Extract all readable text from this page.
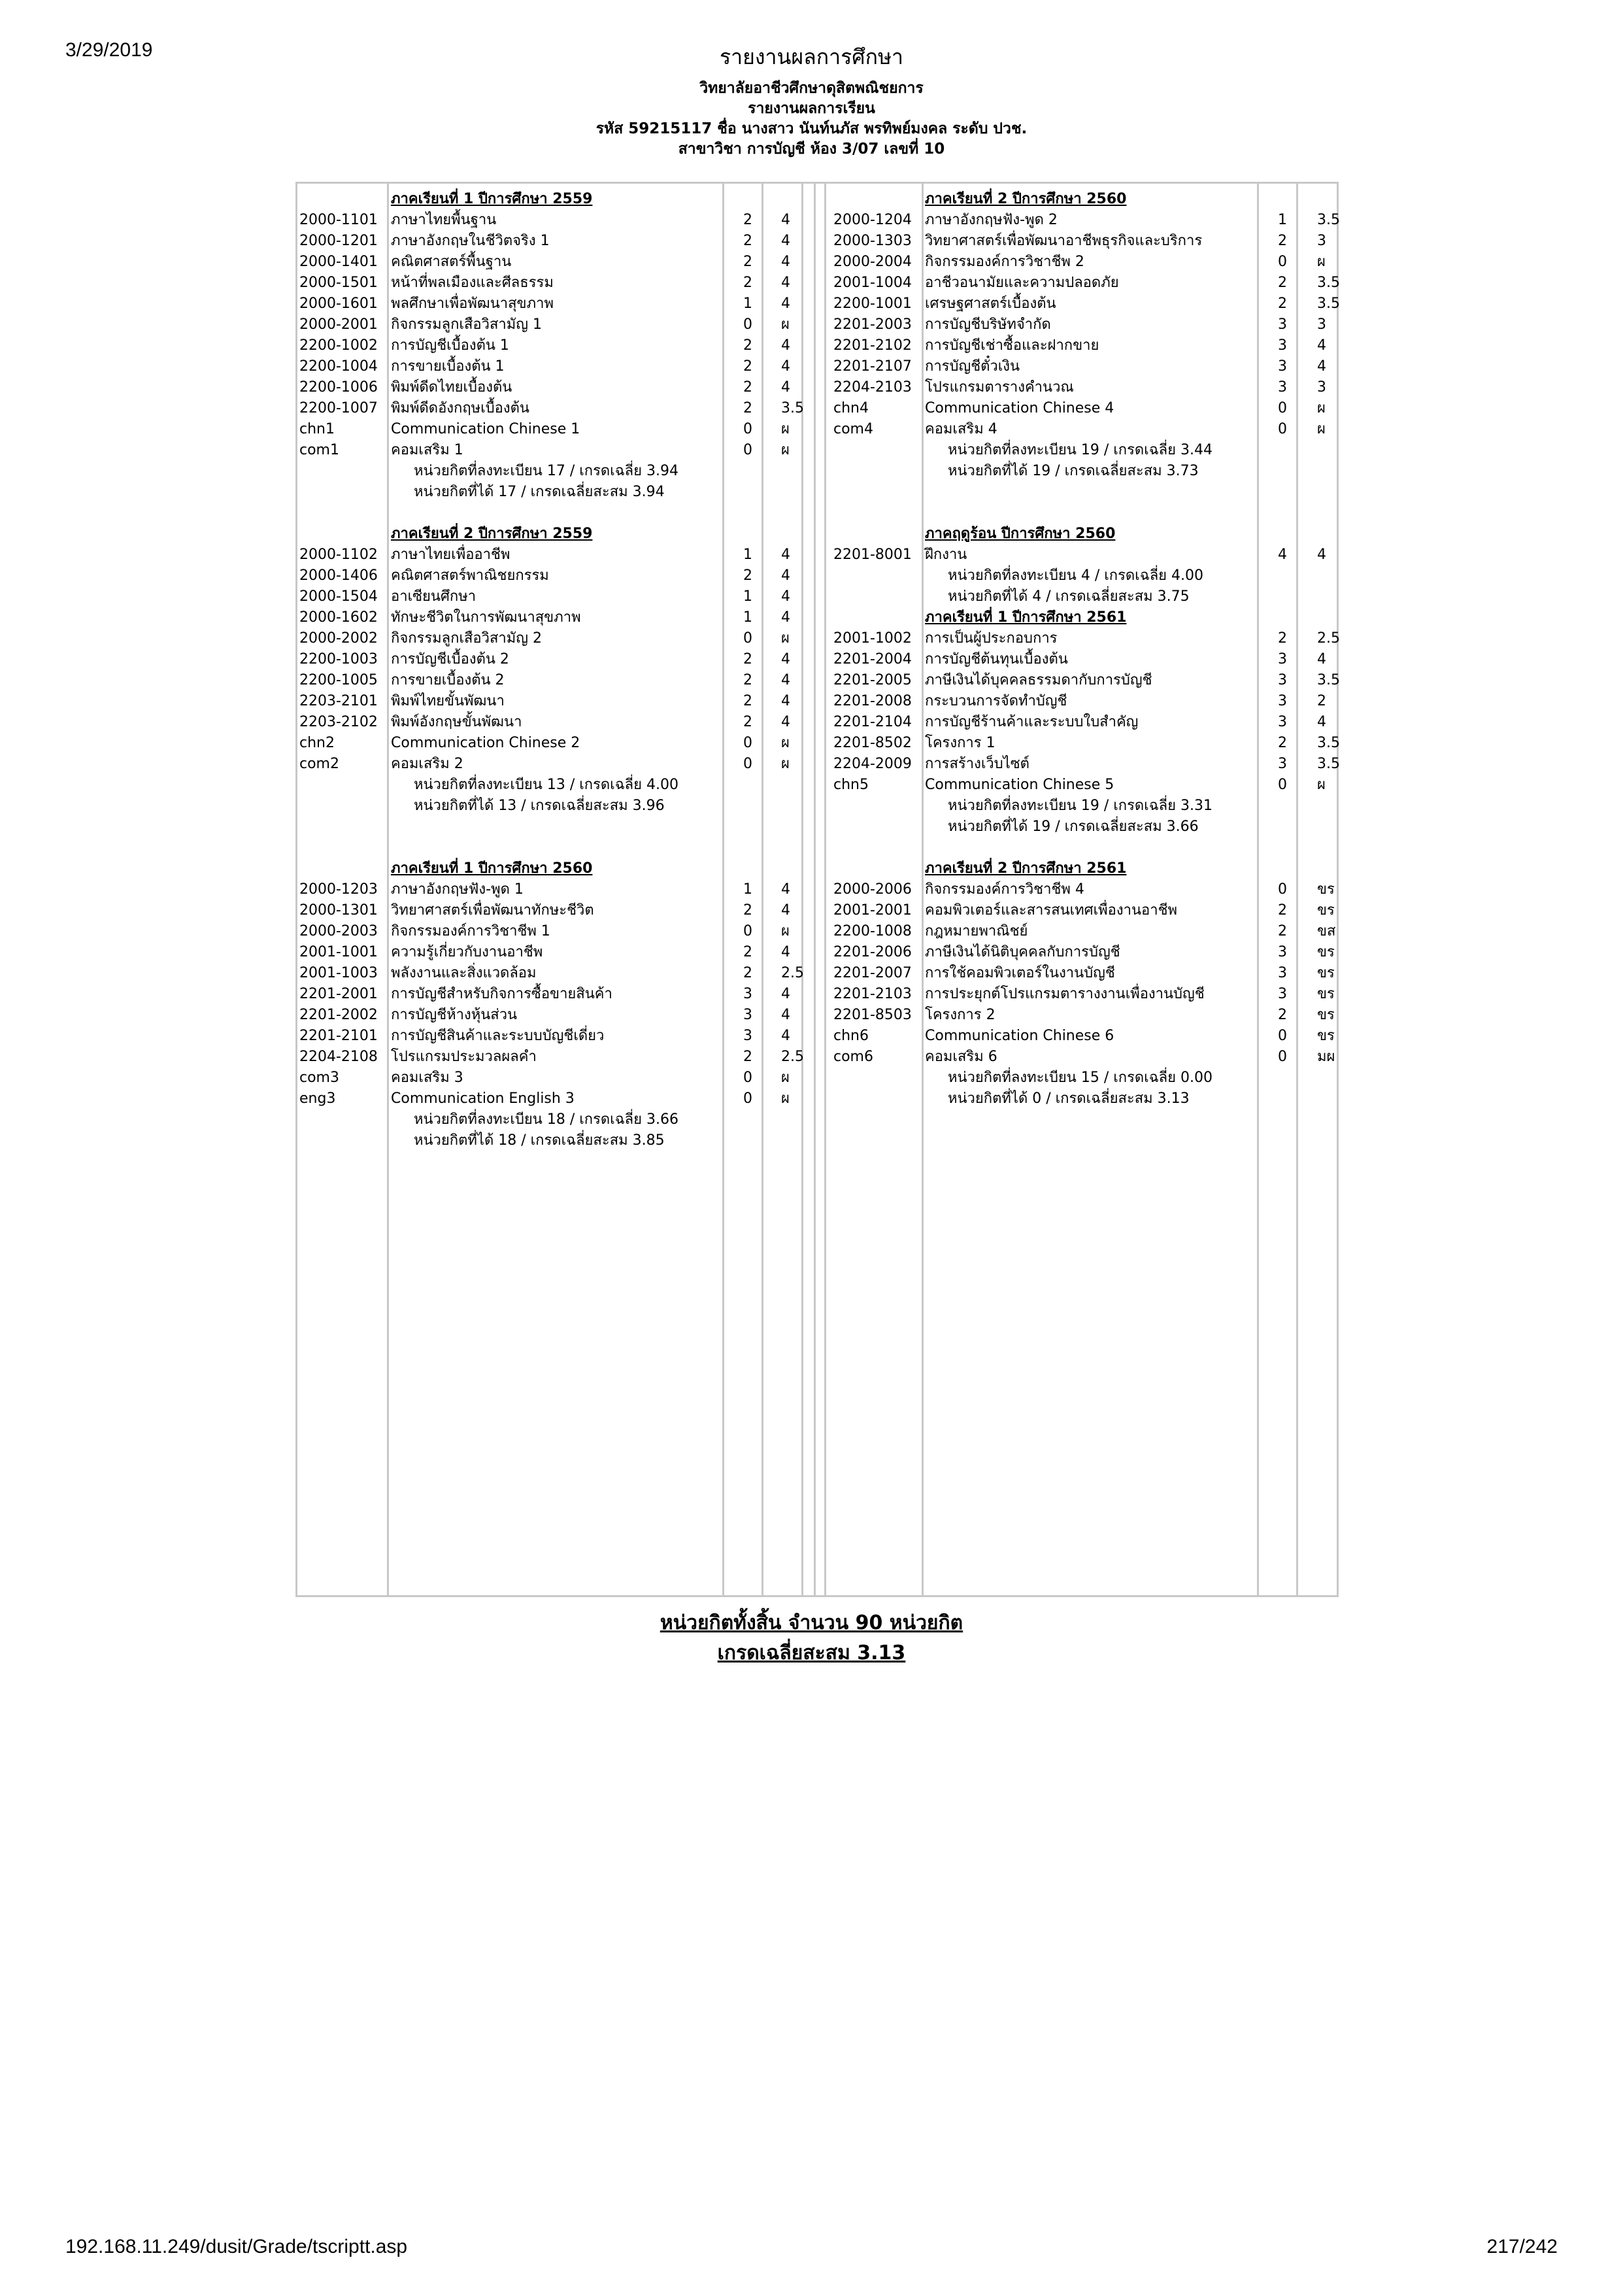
3/29/2019	รายงานผลการศึกษา
วิทยาลัยอาชีวศึกษาดุสิตพณิชยการ
รายงานผลการเรียน
รหัส 59215117 ชื่อ นางสาว นันท์นภัส พรทิพย์มงคล ระดับ ปวช.
สาขาวิชา การบัญชี ห้อง 3/07 เลขที่ 10
ภาคเรียนที่ 1 ปีการศึกษา 2559
2000-1101 ภาษาไทยพื้นฐาน	2 4
2000-1201 ภาษาอังกฤษในชีวิตจริง 1	2 4
2000-1401 คณิตศาสตร์พื้นฐาน	2 4
2000-1501 หน้าที่พลเมืองและศีลธรรม	2 4
2000-1601 พลศึกษาเพื่อพัฒนาสุขภาพ	1 4
2000-2001 กิจกรรมลูกเสือวิสามัญ 1	0 ผ
2200-1002 การบัญชีเบื้องต้น 1	2 4
2200-1004 การขายเบื้องต้น 1	2 4
2200-1006 พิมพ์ดีดไทยเบื้องต้น	2 4
2200-1007 พิมพ์ดีดอังกฤษเบื้องต้น	2 3.5
chn1	Communication Chinese 1	0 ผ
com1	คอมเสริม 1	0 ผ
หน่วยกิตที่ลงทะเบียน 17 / เกรดเฉลี่ย 3.94
หน่วยกิตที่ได้ 17 / เกรดเฉลี่ยสะสม 3.94
ภาคเรียนที่ 2 ปีการศึกษา 2559
2000-1102 ภาษาไทยเพื่ออาชีพ	1 4
2000-1406 คณิตศาสตร์พาณิชยกรรม	2 4
2000-1504 อาเซียนศึกษา	1 4
2000-1602 ทักษะชีวิตในการพัฒนาสุขภาพ	1 4
2000-2002 กิจกรรมลูกเสือวิสามัญ 2	0 ผ
2200-1003 การบัญชีเบื้องต้น 2	2 4
2200-1005 การขายเบื้องต้น 2	2 4
2203-2101 พิมพ์ไทยขั้นพัฒนา	2 4
2203-2102 พิมพ์อังกฤษขั้นพัฒนา	2 4
chn2	Communication Chinese 2	0 ผ
com2	คอมเสริม 2	0 ผ
หน่วยกิตที่ลงทะเบียน 13 / เกรดเฉลี่ย 4.00
หน่วยกิตที่ได้ 13 / เกรดเฉลี่ยสะสม 3.96
ภาคเรียนที่ 1 ปีการศึกษา 2560
2000-1203 ภาษาอังกฤษฟัง-พูด 1	1 4
2000-1301 วิทยาศาสตร์เพื่อพัฒนาทักษะชีวิต	2 4
2000-2003 กิจกรรมองค์การวิชาชีพ 1	0 ผ
2001-1001 ความรู้เกี่ยวกับงานอาชีพ	2 4
2001-1003 พลังงานและสิ่งแวดล้อม	2 2.5
2201-2001 การบัญชีสำหรับกิจการซื้อขายสินค้า	3 4
2201-2002 การบัญชีห้างหุ้นส่วน	3 4
2201-2101 การบัญชีสินค้าและระบบบัญชีเดี่ยว	3 4
2204-2108 โปรแกรมประมวลผลคำ	2 2.5
com3	คอมเสริม 3	0 ผ
eng3	Communication English 3	0 ผ
หน่วยกิตที่ลงทะเบียน 18 / เกรดเฉลี่ย 3.66
หน่วยกิตที่ได้ 18 / เกรดเฉลี่ยสะสม 3.85
ภาคเรียนที่ 2 ปีการศึกษา 2560
2000-1204 ภาษาอังกฤษฟัง-พูด 2	1 3.5
2000-1303 วิทยาศาสตร์เพื่อพัฒนาอาชีพธุรกิจและบริการ	2 3
2000-2004 กิจกรรมองค์การวิชาชีพ 2	0 ผ
2001-1004 อาชีวอนามัยและความปลอดภัย	2 3.5
2200-1001 เศรษฐศาสตร์เบื้องต้น	2 3.5
2201-2003 การบัญชีบริษัทจำกัด	3 3
2201-2102 การบัญชีเช่าซื้อและฝากขาย	3 4
2201-2107 การบัญชีตั๋วเงิน	3 4
2204-2103 โปรแกรมตารางคำนวณ	3 3
chn4	Communication Chinese 4	0 ผ
com4	คอมเสริม 4	0 ผ
หน่วยกิตที่ลงทะเบียน 19 / เกรดเฉลี่ย 3.44
หน่วยกิตที่ได้ 19 / เกรดเฉลี่ยสะสม 3.73
ภาคฤดูร้อน ปีการศึกษา 2560
2201-8001 ฝึกงาน	4 4
หน่วยกิตที่ลงทะเบียน 4 / เกรดเฉลี่ย 4.00
หน่วยกิตที่ได้ 4 / เกรดเฉลี่ยสะสม 3.75
ภาคเรียนที่ 1 ปีการศึกษา 2561
2001-1002 การเป็นผู้ประกอบการ	2 2.5
2201-2004 การบัญชีต้นทุนเบื้องต้น	3 4
2201-2005 ภาษีเงินได้บุคคลธรรมดากับการบัญชี	3 3.5
2201-2008 กระบวนการจัดทำบัญชี	3 2
2201-2104 การบัญชีร้านค้าและระบบใบสำคัญ	3 4
2201-8502 โครงการ 1	2 3.5
2204-2009 การสร้างเว็บไซต์	3 3.5
chn5	Communication Chinese 5	0 ผ
หน่วยกิตที่ลงทะเบียน 19 / เกรดเฉลี่ย 3.31
หน่วยกิตที่ได้ 19 / เกรดเฉลี่ยสะสม 3.66
ภาคเรียนที่ 2 ปีการศึกษา 2561
2000-2006 กิจกรรมองค์การวิชาชีพ 4	0 ขร
2001-2001 คอมพิวเตอร์และสารสนเทศเพื่องานอาชีพ	2 ขร
2200-1008 กฎหมายพาณิชย์	2 ขส
2201-2006 ภาษีเงินได้นิติบุคคลกับการบัญชี	3 ขร
2201-2007 การใช้คอมพิวเตอร์ในงานบัญชี	3 ขร
2201-2103 การประยุกต์โปรแกรมตารางงานเพื่องานบัญชี	3 ขร
2201-8503 โครงการ 2	2 ขร
chn6	Communication Chinese 6	0 ขร
com6	คอมเสริม 6	0 มผ
หน่วยกิตที่ลงทะเบียน 15 / เกรดเฉลี่ย 0.00
หน่วยกิตที่ได้ 0 / เกรดเฉลี่ยสะสม 3.13
หน่วยกิตทั้งสิ้น จำนวน 90 หน่วยกิต
เกรดเฉลี่ยสะสม 3.13
192.168.11.249/dusit/Grade/tscriptt.asp	217/242
